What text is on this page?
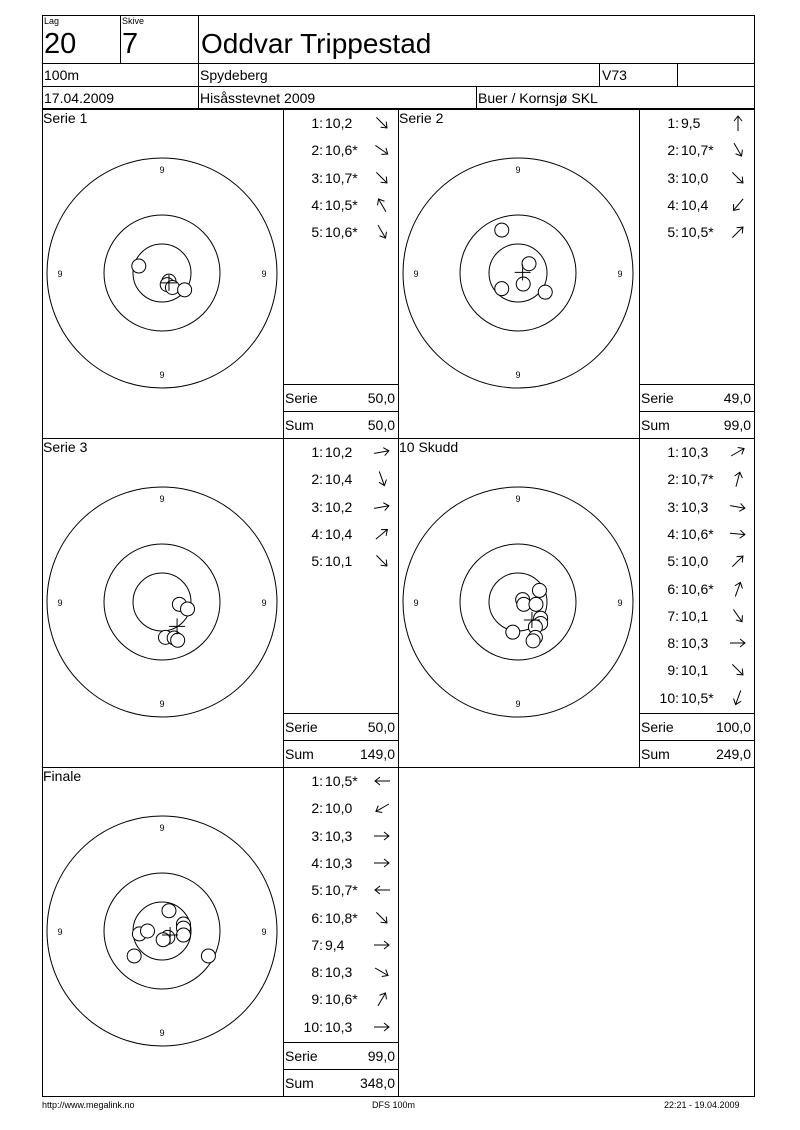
Lag
20
Skive
7 Oddvar Trippestad
100m	Spydeberg	V73
17.04.2009	Hisåsstevnet 2009	Buer / Kornsjø SKL
Serie 1
9
9
9	9
1: 10,2
2: 10,6*
3: 10,7*
4: 10,5*
5: 10,6*
Serie	50,0
Sum	50,0
Serie 2
9
9
9	9
1: 9,5
2: 10,7*
3: 10,0
4: 10,4
5: 10,5*
Serie	49,0
Sum	99,0
Serie 3
9
9
9	9
1: 10,2
2: 10,4
3: 10,2
4: 10,4
5: 10,1
Serie	50,0
Sum	149,0
10 Skudd
9
9
9	9
1: 10,3
2: 10,7*
3: 10,3
4: 10,6*
5: 10,0
6: 10,6*
7: 10,1
8: 10,3
9: 10,1
10: 10,5*
Serie	100,0
Sum	249,0
Finale
9
9
9	9
1: 10,5*
2: 10,0
3: 10,3
4: 10,3
5: 10,7*
6: 10,8*
7: 9,4
8: 10,3
9: 10,6*
10: 10,3
Serie	99,0
Sum	348,0
http://www.megalink.no	DFS 100m	22:21 - 19.04.2009
